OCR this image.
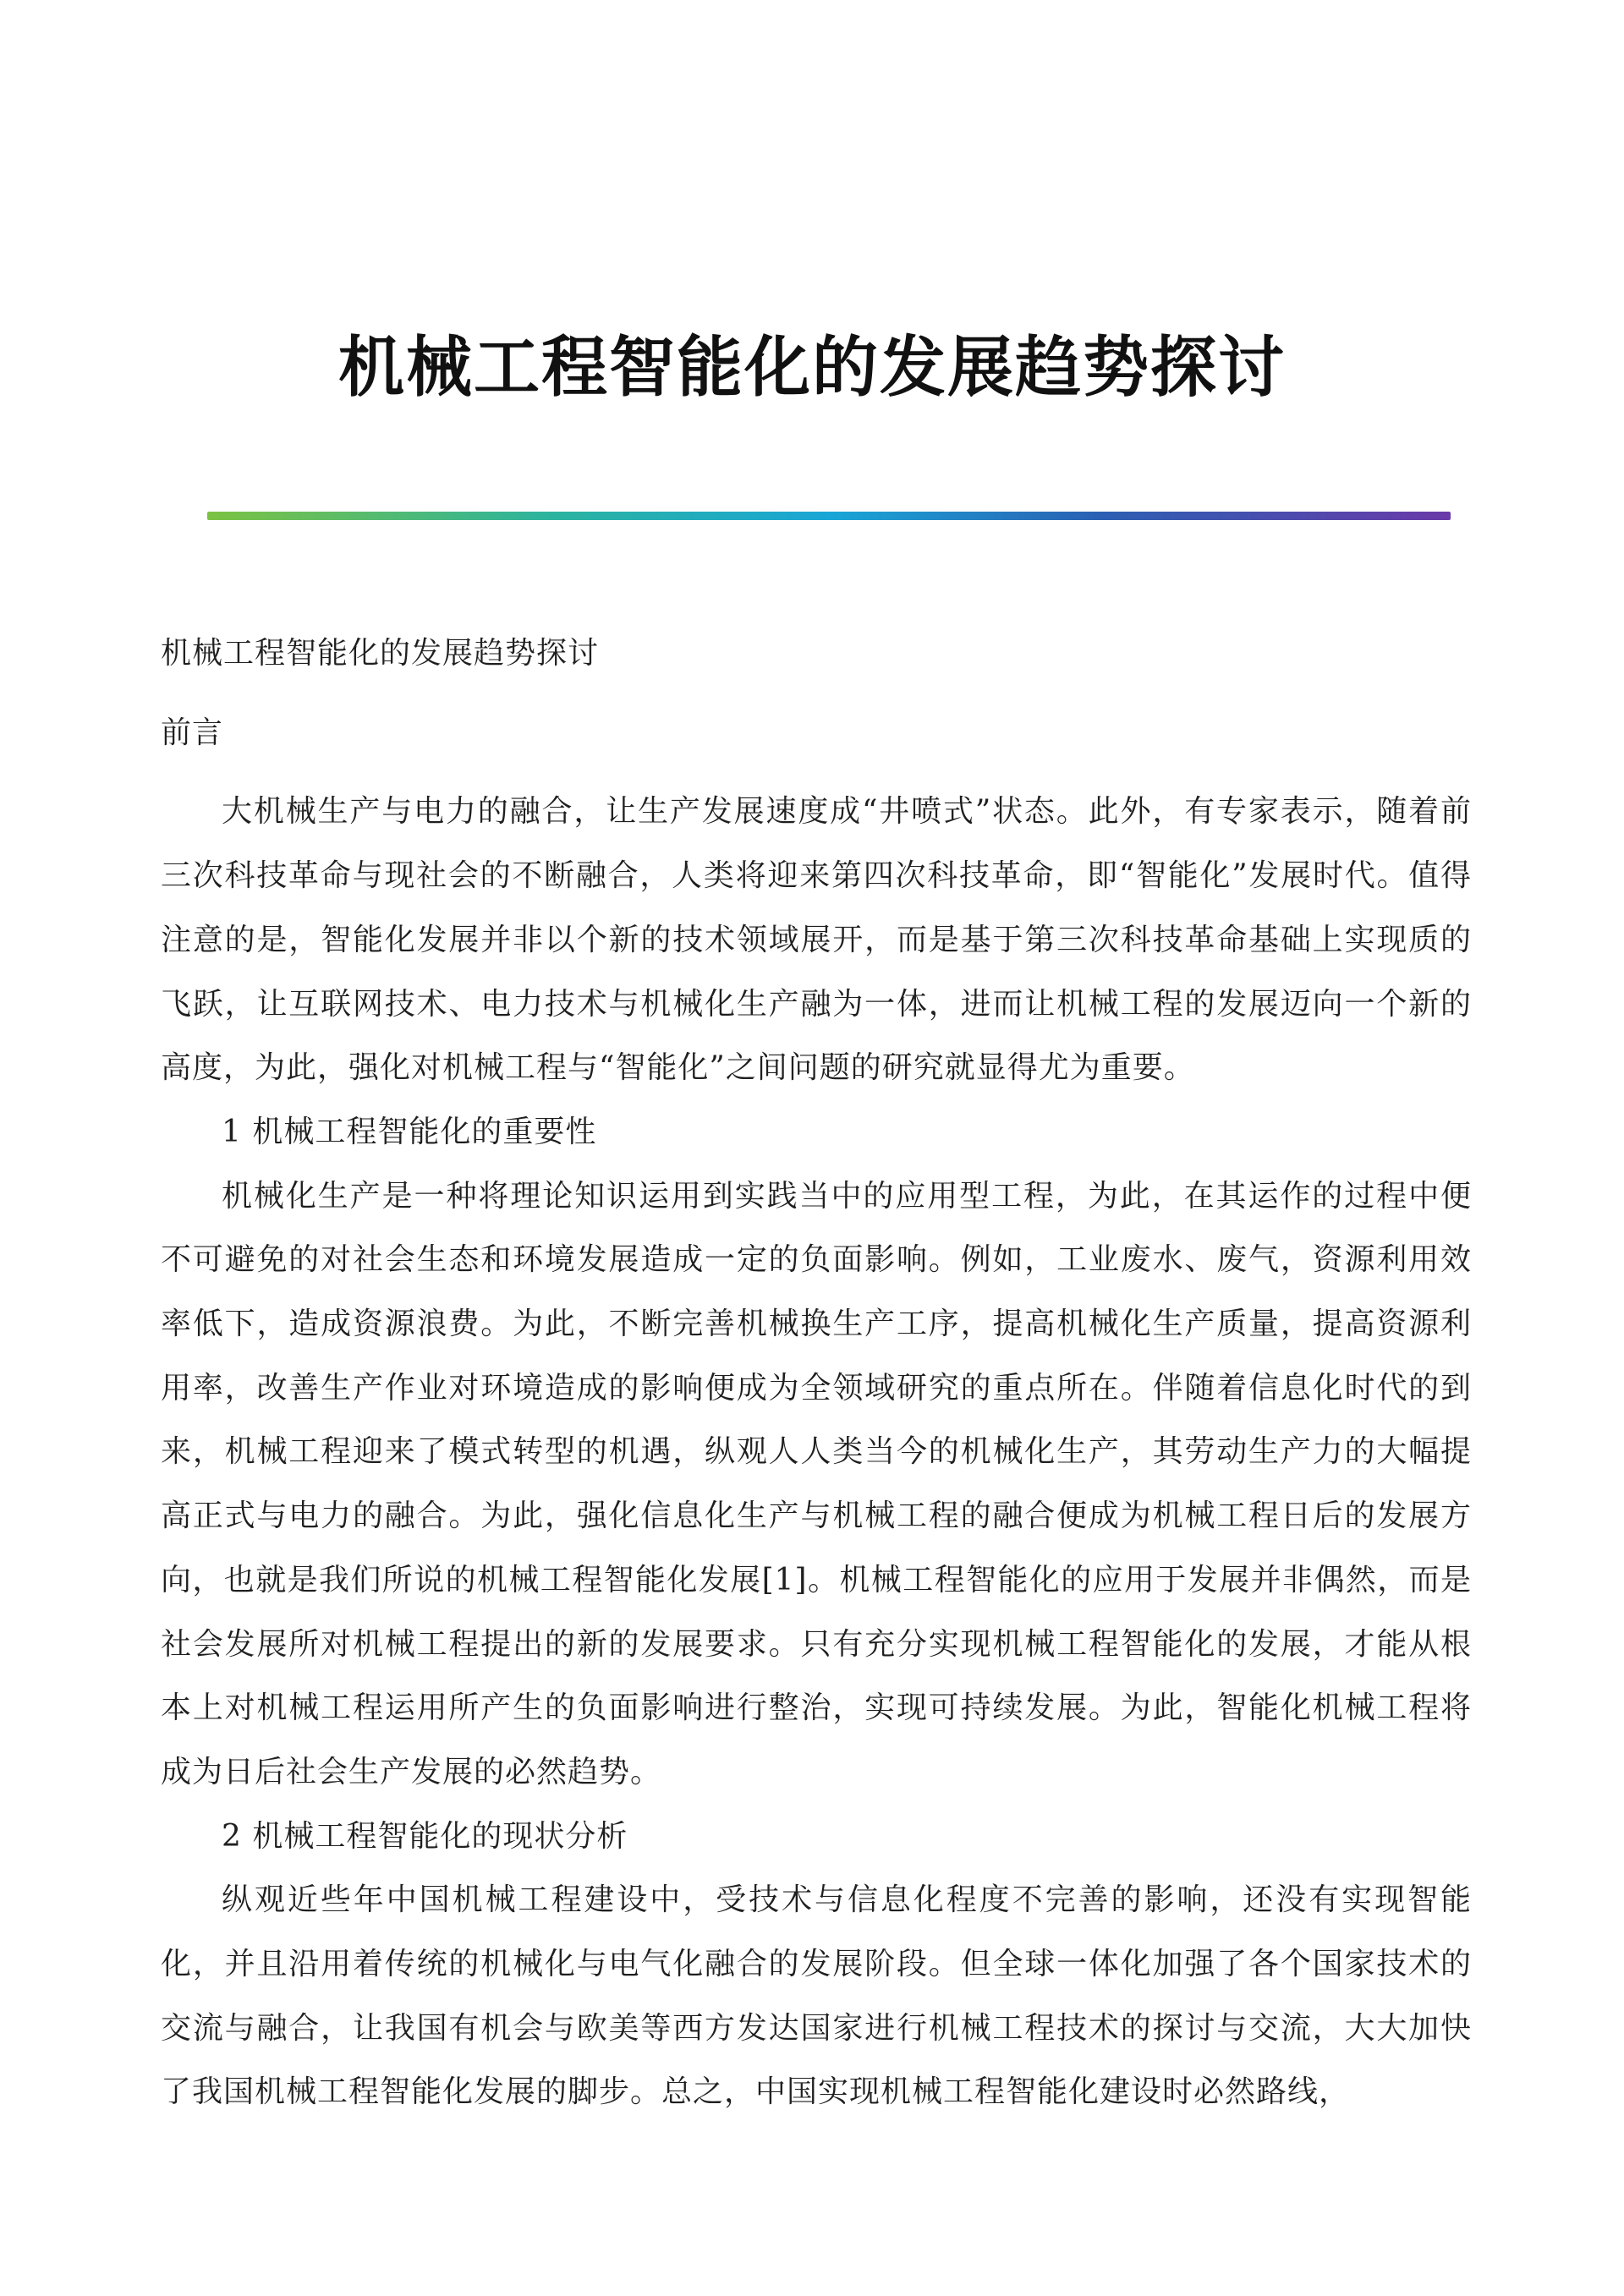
机械工程智能化的发展趋势探讨

机械工程智能化的发展趋势探讨

前言

大机械生产与电力的融合，让生产发展速度成“井喷式”状态。此外，有专家表示，随着前三次科技革命与现社会的不断融合，人类将迎来第四次科技革命，即“智能化”发展时代。值得注意的是，智能化发展并非以个新的技术领域展开，而是基于第三次科技革命基础上实现质的飞跃，让互联网技术、电力技术与机械化生产融为一体，进而让机械工程的发展迈向一个新的高度，为此，强化对机械工程与“智能化”之间问题的研究就显得尤为重要。

1 机械工程智能化的重要性

机械化生产是一种将理论知识运用到实践当中的应用型工程，为此，在其运作的过程中便不可避免的对社会生态和环境发展造成一定的负面影响。例如，工业废水、废气，资源利用效率低下，造成资源浪费。为此，不断完善机械换生产工序，提高机械化生产质量，提高资源利用率，改善生产作业对环境造成的影响便成为全领域研究的重点所在。伴随着信息化时代的到来，机械工程迎来了模式转型的机遇，纵观人人类当今的机械化生产，其劳动生产力的大幅提高正式与电力的融合。为此，强化信息化生产与机械工程的融合便成为机械工程日后的发展方向，也就是我们所说的机械工程智能化发展[1]。机械工程智能化的应用于发展并非偶然，而是社会发展所对机械工程提出的新的发展要求。只有充分实现机械工程智能化的发展，才能从根本上对机械工程运用所产生的负面影响进行整治，实现可持续发展。为此，智能化机械工程将成为日后社会生产发展的必然趋势。

2 机械工程智能化的现状分析

纵观近些年中国机械工程建设中，受技术与信息化程度不完善的影响，还没有实现智能化，并且沿用着传统的机械化与电气化融合的发展阶段。但全球一体化加强了各个国家技术的交流与融合，让我国有机会与欧美等西方发达国家进行机械工程技术的探讨与交流，大大加快了我国机械工程智能化发展的脚步。总之，中国实现机械工程智能化建设时必然路线，
